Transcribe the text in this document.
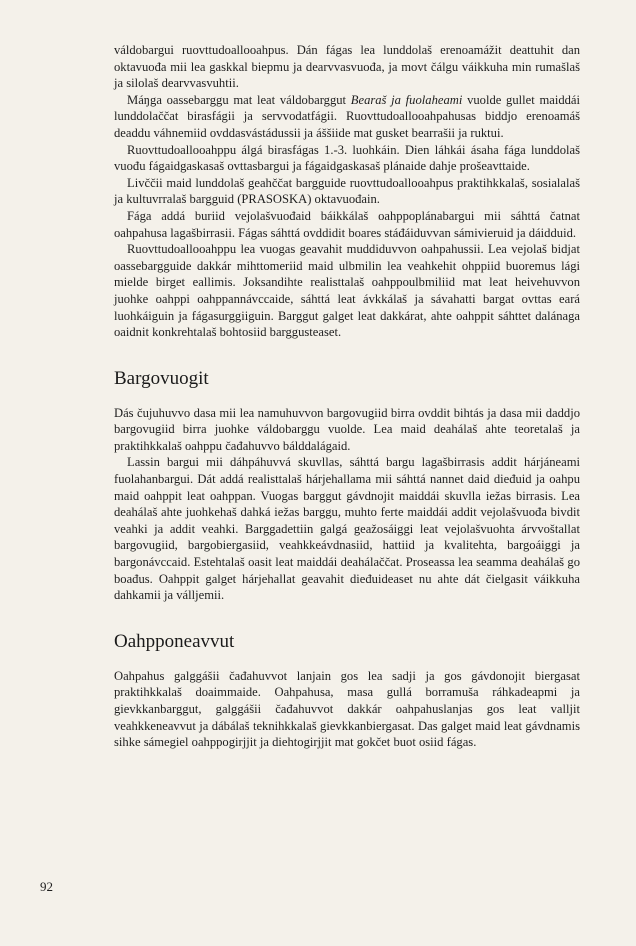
váldobargui ruovttudoallooahpus. Dán fágas lea lunddolaš erenoamážit deattuhit dan oktavuođa mii lea gaskkal biepmu ja dearvvasvuođa, ja movt čálgu váikkuha min rumašlaš ja silolaš dearvvasvuhtii.

Máŋga oassebarggu mat leat váldobarggut Bearaš ja fuolaheami vuolde gullet maiddái lunddolaččat birasfágii ja servvodatfágii. Ruovttudoallooahpahusas biddjo erenoamáš deaddu váhnemiid ovddasvástádussii ja áššiide mat gusket bearrašii ja ruktui.

Ruovttudoallooahppu álgá birasfágas 1.-3. luohkáin. Dien láhkái ásaha fága lunddolaš vuođu fágaidgaskasaš ovttasbargui ja fágaidgaskasaš plánaide dahje prošeavttaide.

Livččii maid lunddolaš geahččat bargguide ruovttudoallooahpus praktihkkalaš, sosialalaš ja kultuvrralaš bargguid (PRASOSKA) oktavuođain.

Fága addá buriid vejolašvuođaid báikkálaš oahppoplánabargui mii sáhttá čatnat oahpahusa lagašbirrasii. Fágas sáhttá ovddidit boares stáđáiduvvan sámivieruid ja dáidduid.

Ruovttudoallooahppu lea vuogas geavahit muddiduvvon oahpahussii. Lea vejolaš bidjat oassebargguide dakkár mihttomeriid maid ulbmilin lea veahkehit ohppiid buoremus lági mielde birget eallimis. Joksandihte realisttalaš oahppoulbmiliid mat leat heivehuvvon juohke oahppi oahppannávccaide, sáhttá leat ávkkálaš ja sávahatti bargat ovttas eará luohkáiguin ja fágasurggiiguin. Barggut galget leat dakkárat, ahte oahppit sáhttet dalánaga oaidnit konkrehtalaš bohtosiid barggusteaset.

Bargovuogit

Dás čujuhuvvo dasa mii lea namuhuvvon bargovugiid birra ovddit bihtás ja dasa mii daddjo bargovugiid birra juohke váldobarggu vuolde. Lea maid deahálaš ahte teoretalaš ja praktihkkalaš oahppu čađahuvvo bálddalágaid.

Lassin bargui mii dáhpáhuvvá skuvllas, sáhttá bargu lagašbirrasis addit hárjáneami fuolahanbargui. Dát addá realisttalaš hárjehallama mii sáhttá nannet daid dieđuid ja oahpu maid oahppit leat oahppan. Vuogas barggut gávdnojit maiddái skuvlla iežas birrasis. Lea deahálaš ahte juohkehaš dahká iežas barggu, muhto ferte maiddái addit vejolašvuođa bivdit veahki ja addit veahki. Barggadettiin galgá geažosáiggi leat vejolašvuohta árvvoštallat bargovugiid, bargobiergasiid, veahkkeávdnasiid, hattiid ja kvalitehta, bargoáiggi ja bargonávccaid. Estehtalaš oasit leat maiddái deahálaččat. Proseassa lea seamma deahálaš go boađus. Oahppit galget hárjehallat geavahit dieđuideaset nu ahte dát čielgasit váikkuha dahkamii ja válljemii.

Oahpponeavvut

Oahpahus galggášii čađahuvvot lanjain gos lea sadji ja gos gávdonojit biergasat praktihkkalaš doaimmaide. Oahpahusa, masa gullá borramuša ráhkadeapmi ja gievkkanbarggut, galggášii čađahuvvot dakkár oahpahuslanjas gos leat valljit veahkkeneavvut ja dábálaš teknihkkalaš gievkkanbiergasat. Das galget maid leat gávdnamis sihke sámegiel oahppogirjjit ja diehtogirjjit mat gokčet buot osiid fágas.

92
